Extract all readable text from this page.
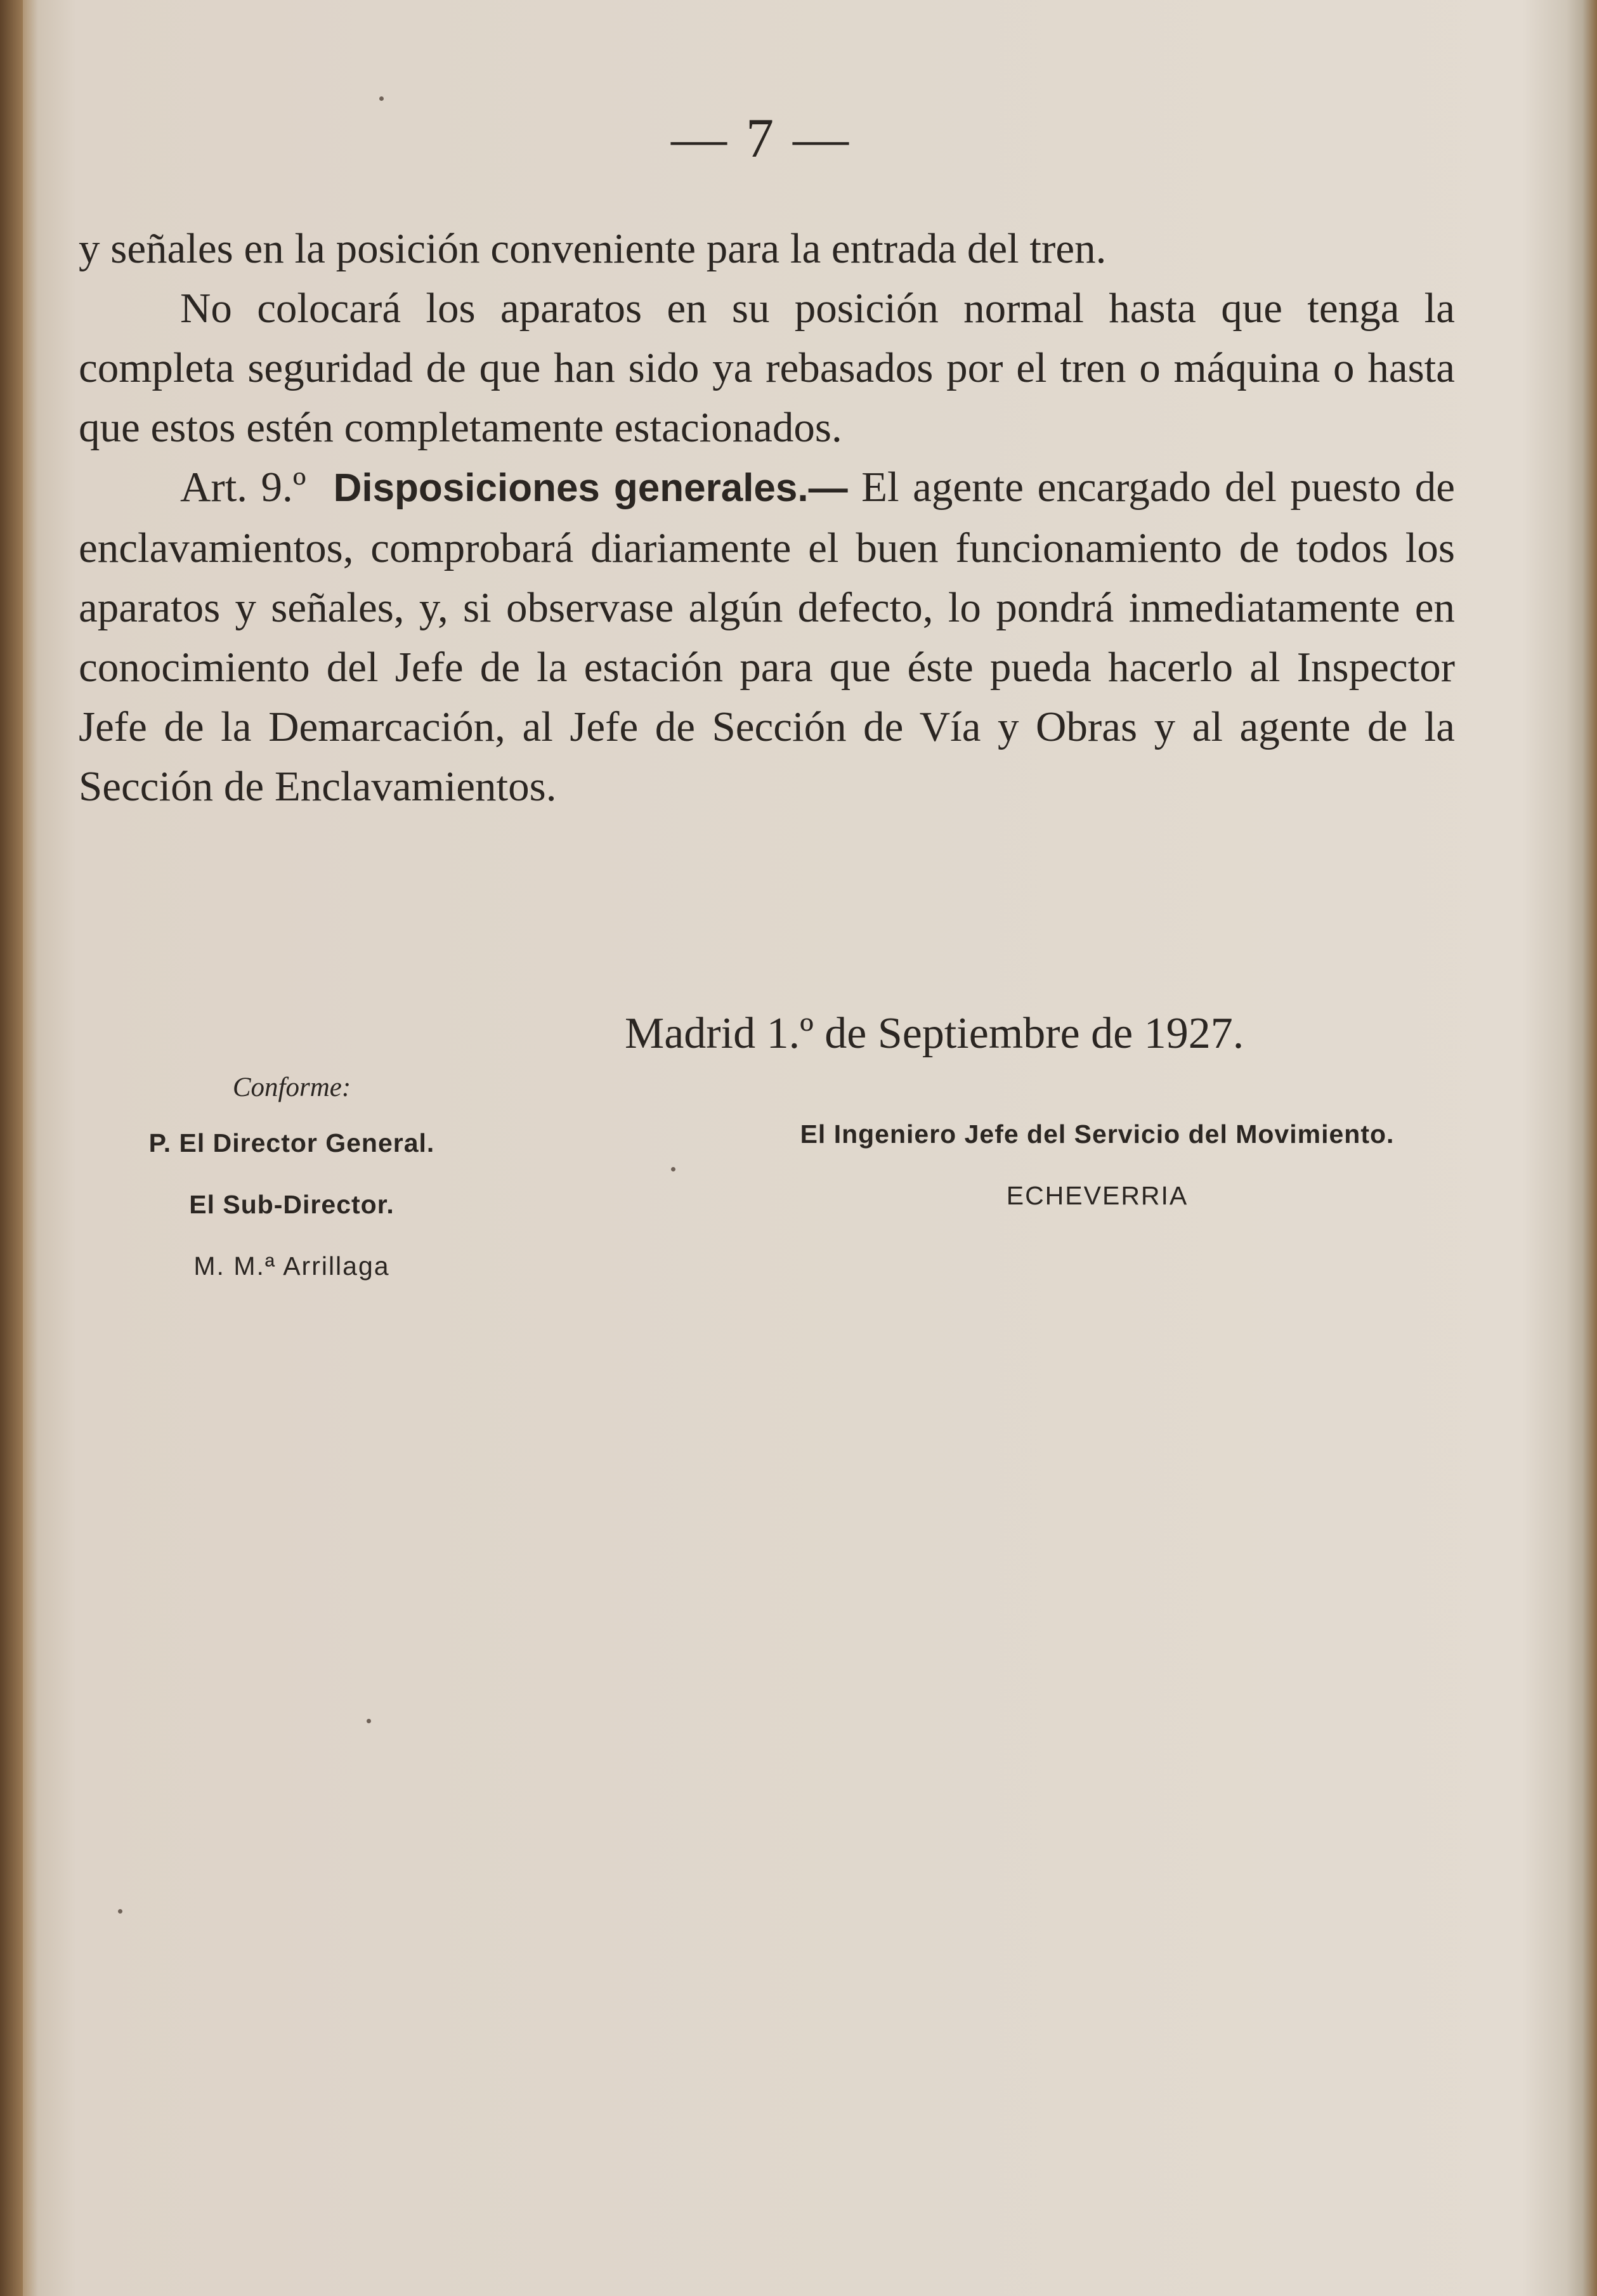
— 7 —

y señales en la posición conveniente para la entrada del tren.

No colocará los aparatos en su posición normal hasta que tenga la completa seguridad de que han sido ya rebasados por el tren o máquina o hasta que estos estén completamente estacionados.

Art. 9.º Disposiciones generales.— El agente encargado del puesto de enclavamientos, comprobará diariamente el buen funcionamiento de todos los aparatos y señales, y, si observase algún defecto, lo pondrá inmediatamente en conocimiento del Jefe de la estación para que éste pueda hacerlo al Inspector Jefe de la Demarcación, al Jefe de Sección de Vía y Obras y al agente de la Sección de Enclavamientos.

Madrid 1.º de Septiembre de 1927.
Conforme:
P. El Director General.
El Sub-Director.
M. M.ª Arrillaga
El Ingeniero Jefe del Servicio del Movimiento.
ECHEVERRIA
